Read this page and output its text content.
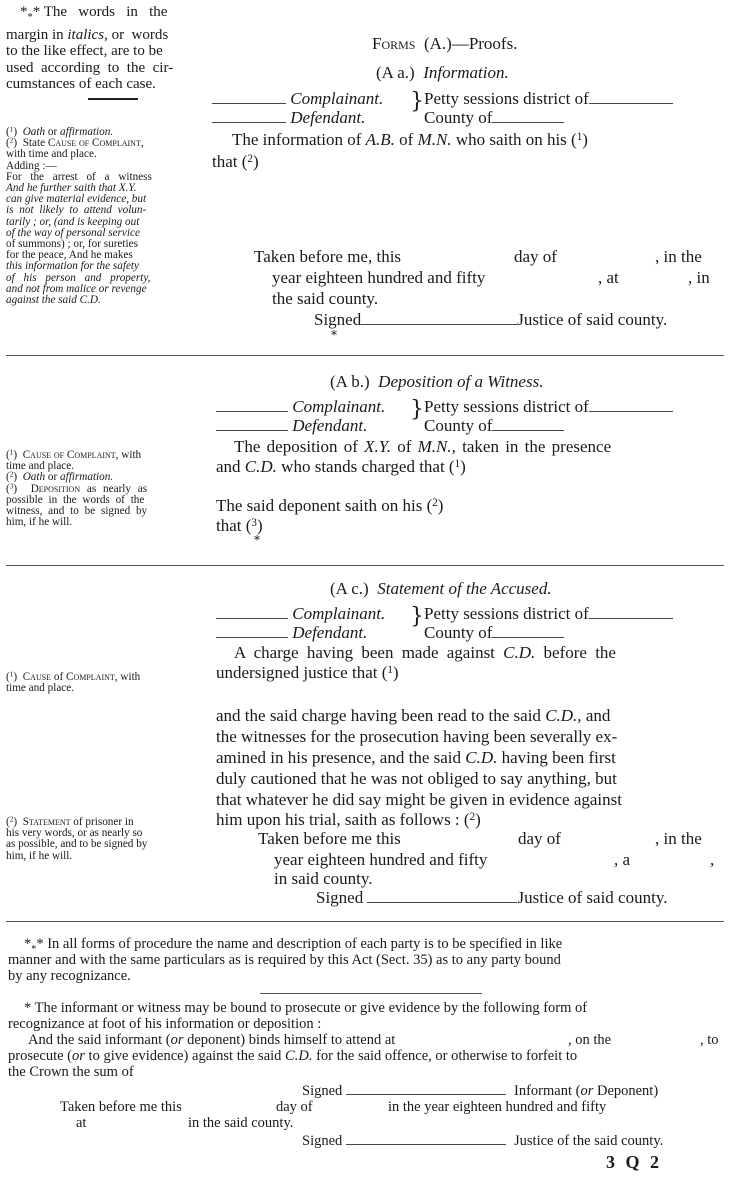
$*_**$ The   words   in   the
margin in italics, or  words
to the like effect, are to be
used  according  to  the  cir-
cumstances of each case.
Forms (A.)—Proofs.
(A a.) Information.
Complainant.
Defendant.
} Petty sessions district of
County of
The information of A.B. of M.N. who saith on his ($^1$)
that ($^2$)
($^1$)  Oath or affirmation.
($^2$)  State Cause of Complaint,
with time and place.
Adding :—
For the arrest of a witness
And he further saith that X.Y.
can give material evidence, but
is not likely to attend volun-
tarily ; or, (and is keeping out
of the way of personal service
of summons) ; or, for sureties
for the peace, And he makes
this information for the safety
of his person and property,
and not from malice or revenge
against the said C.D.
Taken before me, this	day of	, in the
year eighteen hundred and fifty	, at	, in
the said county.
Signed	Justice of said county.
*
(A b.) Deposition of a Witness.
Complainant.
Defendant.
} Petty sessions district of
County of
The deposition of X.Y. of M.N., taken in the presence
and C.D. who stands charged that ($^1$)
The said deponent saith on his ($^2$)
that ($^3$)
*
($^1$)  Cause of Complaint, with
time and place.
($^2$)  Oath or affirmation.
($^3$)  Deposition as nearly as
possible in the words of the
witness, and to be signed by
him, if he will.
(A c.) Statement of the Accused.
Complainant.
Defendant.
} Petty sessions district of
County of
A charge having been made against C.D. before the
undersigned justice that ($^1$)
($^1$)  Cause of Complaint, with
time and place.
and the said charge having been read to the said C.D., and
the witnesses for the prosecution having been severally ex-
amined in his presence, and the said C.D. having been first
duly cautioned that he was not obliged to say anything, but
that whatever he did say might be given in evidence against
him upon his trial, saith as follows : ($^2$)
($^2$)  Statement of prisoner in
his very words, or as nearly so
as possible, and to be signed by
him, if he will.
Taken before me this	day of	, in the
year eighteen hundred and fifty	, a	,
in said county.
Signed	Justice of said county.
$*_**$ In all forms of procedure the name and description of each party is to be specified in like
manner and with the same particulars as is required by this Act (Sect. 35) as to any party bound
by any recognizance.
* The informant or witness may be bound to prosecute or give evidence by the following form of
recognizance at foot of his information or deposition :
And the said informant (or deponent) binds himself to attend at	, on the	, to
prosecute (or to give evidence) against the said C.D. for the said offence, or otherwise to forfeit to
the Crown the sum of
Signed	Informant (or Deponent)
Taken before me this	day of	in the year eighteen hundred and fifty
at	in the said county.
Signed	Justice of the said county.
3 Q 2
